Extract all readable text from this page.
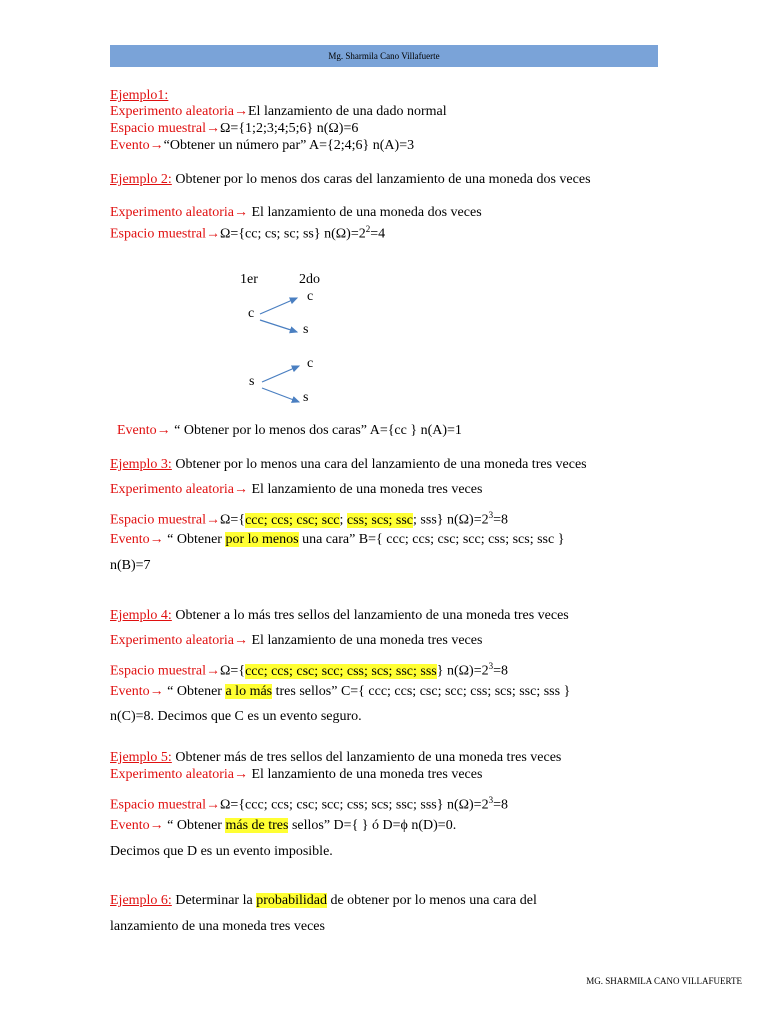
Mg. Sharmila Cano Villafuerte
Ejemplo1:
Experimento aleatoria→El lanzamiento de una dado normal
Espacio muestral→Ω={1;2;3;4;5;6} n(Ω)=6
Evento→“Obtener un número par” A={2;4;6} n(A)=3
Ejemplo 2: Obtener por lo menos dos caras del lanzamiento de una moneda dos veces
Experimento aleatoria→ El lanzamiento de una moneda dos veces
Espacio muestral→Ω={cc; cs; sc; ss} $n(\Omega)=2^2=4$
1er	2do
c
c
s
c
s
s
Evento→ “ Obtener por lo menos dos caras” A={cc } n(A)=1
Ejemplo 3: Obtener por lo menos una cara del lanzamiento de una moneda tres veces
Experimento aleatoria→ El lanzamiento de una moneda tres veces
Espacio muestral→Ω={ccc; ccs; csc; scc; css; scs; ssc; sss} $n(\Omega)=2^3=8$
Evento→ “ Obtener por lo menos una cara” B={ ccc; ccs; csc; scc; css; scs; ssc }
n(B)=7
Ejemplo 4: Obtener a lo más tres sellos del lanzamiento de una moneda tres veces
Experimento aleatoria→ El lanzamiento de una moneda tres veces
Espacio muestral→Ω={ccc; ccs; csc; scc; css; scs; ssc; sss} $n(\Omega)=2^3=8$
Evento→ “ Obtener a lo más tres sellos” C={ ccc; ccs; csc; scc; css; scs; ssc; sss }
n(C)=8. Decimos que C es un evento seguro.
Ejemplo 5: Obtener más de tres sellos del lanzamiento de una moneda tres veces
Experimento aleatoria→ El lanzamiento de una moneda tres veces
Espacio muestral→Ω={ccc; ccs; csc; scc; css; scs; ssc; sss} $n(\Omega)=2^3=8$
Evento→ “ Obtener más de tres sellos” D={ } ó D=ϕ n(D)=0.
Decimos que D es un evento imposible.
Ejemplo 6: Determinar la probabilidad de obtener por lo menos una cara del
lanzamiento de una moneda tres veces
MG. SHARMILA CANO VILLAFUERTE
